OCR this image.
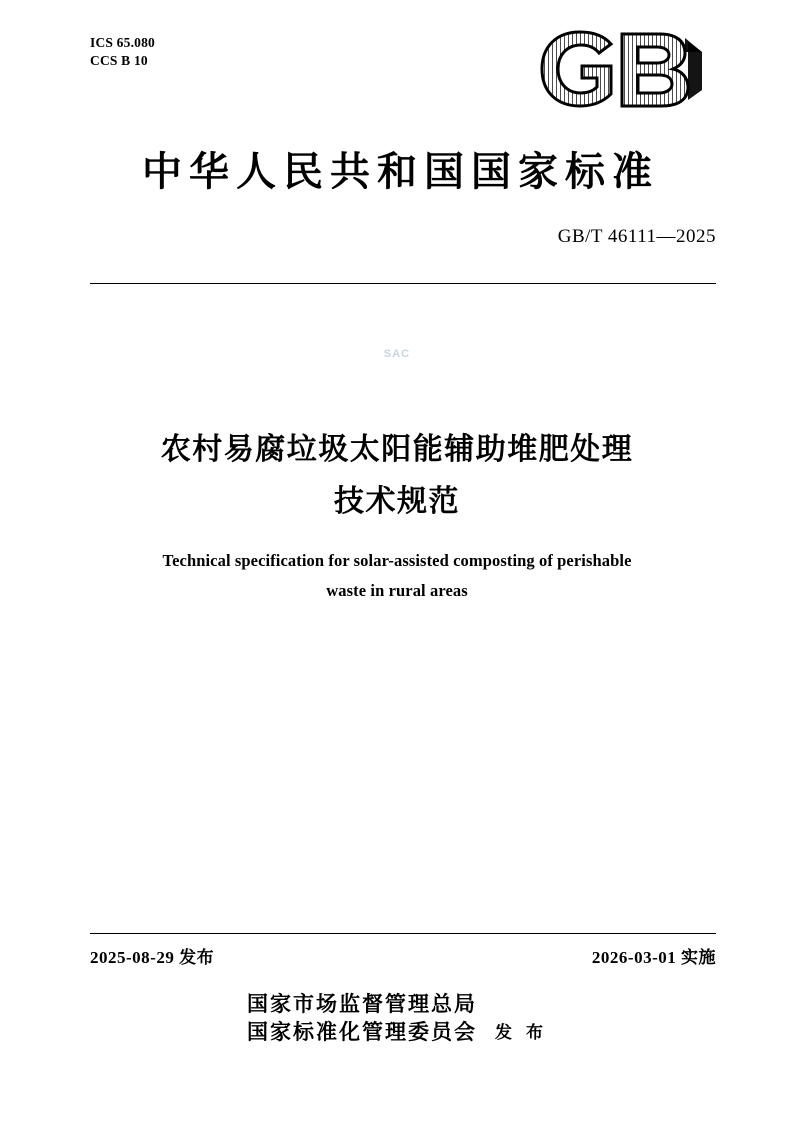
ICS 65.080
CCS B 10
中华人民共和国国家标准
GB/T 46111—2025
SAC
农村易腐垃圾太阳能辅助堆肥处理
技术规范
Technical specification for solar-assisted composting of perishable
waste in rural areas
2025-08-29 发布	2026-03-01 实施
国家市场监督管理总局
国家标准化管理委员会 发 布
